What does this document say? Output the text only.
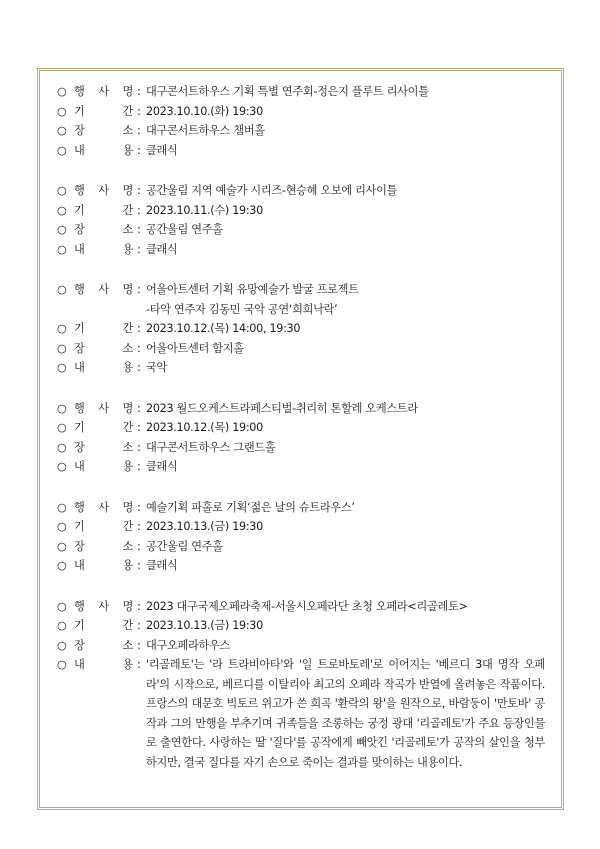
○ 행 사 명 : 대구콘서트하우스 기획 특별 연주회-정은지 플루트 리사이틀
○ 기	간 : 2023.10.10.(화) 19:30
○ 장	소 : 대구콘서트하우스 챔버홀
○ 내	용 : 클래식
○ 행 사 명 : 공간울림 지역 예술가 시리즈-현승혜 오보에 리사이틀
○ 기	간 : 2023.10.11.(수) 19:30
○ 장	소 : 공간울림 연주홀
○ 내	용 : 클래식
○ 행 사 명 : 어울아트센터 기획 유망예술가 발굴 프로젝트
-타악 연주자 김동민 국악 공연‘희희낙락’
○ 기	간 : 2023.10.12.(목) 14:00, 19:30
○ 장	소 : 어울아트센터 함지홀
○ 내	용 : 국악
○ 행 사 명 : 2023 월드오케스트라페스티벌-취리히 톤할레 오케스트라
○ 기	간 : 2023.10.12.(목) 19:00
○ 장	소 : 대구콘서트하우스 그랜드홀
○ 내	용 : 클래식
○ 행 사 명 : 예술기획 파홀로 기획‘젊은 날의 슈트라우스’
○ 기	간 : 2023.10.13.(금) 19:30
○ 장	소 : 공간울림 연주홀
○ 내	용 : 클래식
○ 행 사 명 : 2023 대구국제오페라축제-서울시오페라단 초청 오페라<리골레토>
○ 기	간 : 2023.10.13.(금) 19:30
○ 장	소 : 대구오페라하우스
○ 내	용 : '리골레토'는 '라 트라비아타'와 '일 트로바토레'로 이어지는 '베르디 3대 명작 오페라'의 시작으로, 베르디를 이탈리아 최고의 오페라 작곡가 반열에 올려놓은 작품이다. 프랑스의 대문호 빅토르 위고가 쓴 희곡 '환락의 왕'을 원작으로, 바람둥이 '만토바' 공작과 그의 만행을 부추기며 귀족들을 조롱하는 궁정 광대 '리골레토'가 주요 등장인물로 출연한다. 사랑하는 딸 '질다'를 공작에게 빼앗긴 '리골레토'가 공작의 살인을 청부하지만, 결국 질다를 자기 손으로 죽이는 결과를 맞이하는 내용이다.
